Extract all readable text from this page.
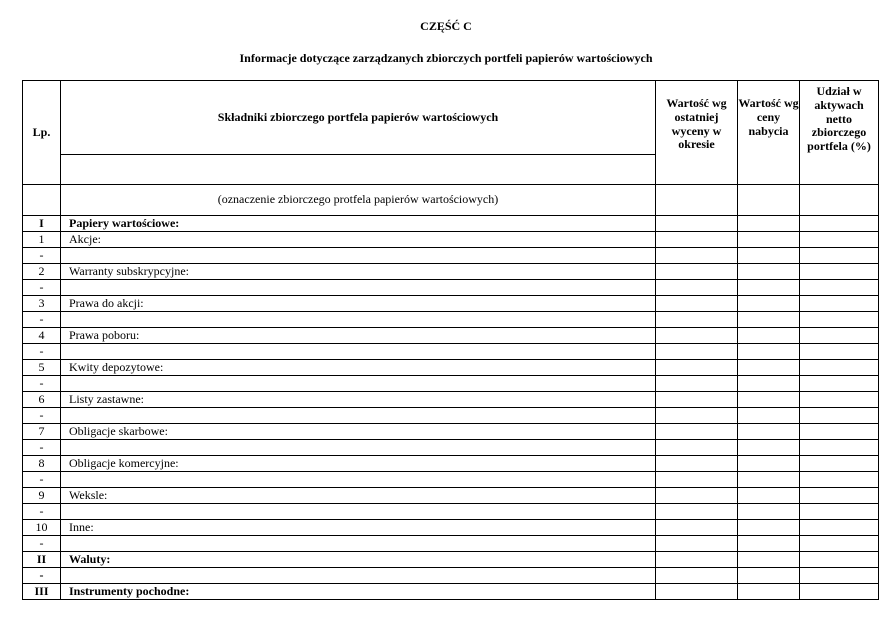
CZĘŚĆ C
Informacje dotyczące zarządzanych zbiorczych portfeli papierów wartościowych
Lp.	Składniki zbiorczego portfela papierów wartościowych	Wartość wg ostatniej wyceny w okresie	Wartość wg ceny nabycia	Udział w aktywach netto zbiorczego portfela (%)

	(oznaczenie zbiorczego protfela papierów wartościowych)			
I	Papiery wartościowe:			
1	Akcje:			
-				
2	Warranty subskrypcyjne:			
-				
3	Prawa do akcji:			
-				
4	Prawa poboru:			
-				
5	Kwity depozytowe:			
-				
6	Listy zastawne:			
-				
7	Obligacje skarbowe:			
-				
8	Obligacje komercyjne:			
-				
9	Weksle:			
-				
10	Inne:			
-				
II	Waluty:			
-				
III	Instrumenty pochodne:			
